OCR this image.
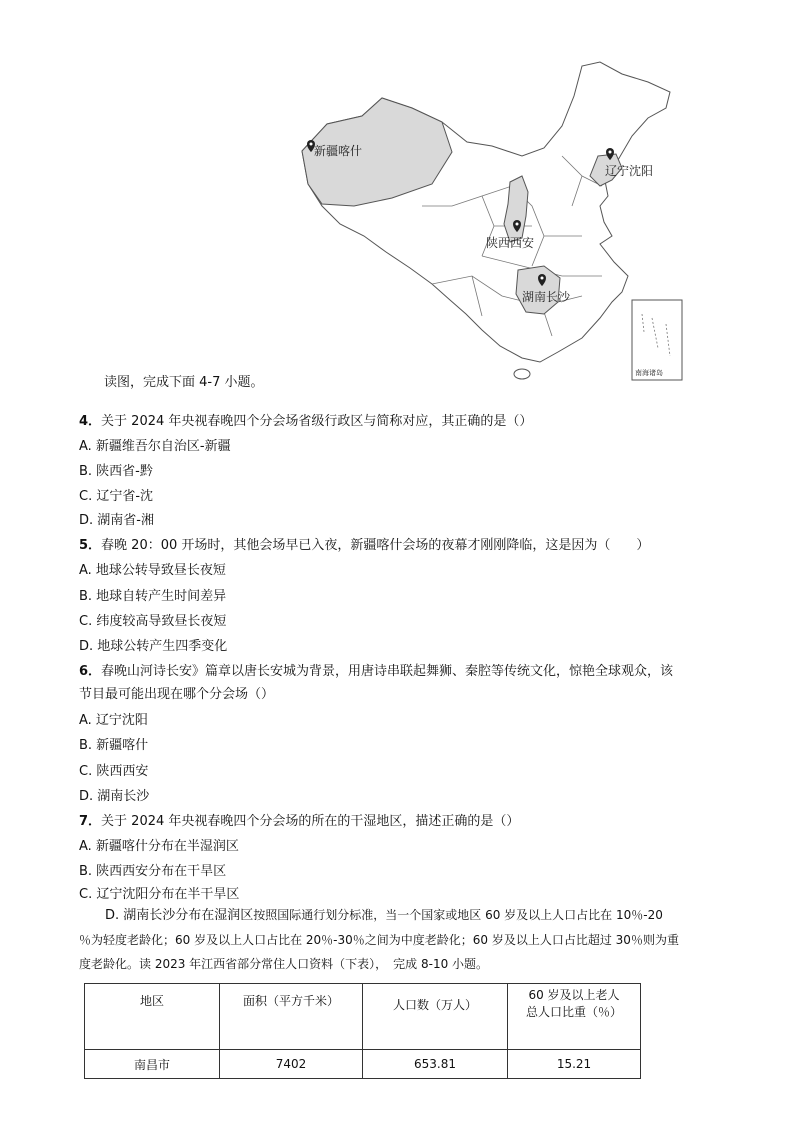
新疆喀什
辽宁沈阳
陕西西安
湖南长沙
南海诸岛
读图，完成下面 4-7 小题。
4．关于 2024 年央视春晚四个分会场省级行政区与简称对应，其正确的是（）
A. 新疆维吾尔自治区-新疆
B. 陕西省-黔
C. 辽宁省-沈
D. 湖南省-湘
5．春晚 20：00 开场时，其他会场早已入夜，新疆喀什会场的夜幕才刚刚降临，这是因为（　　）
A. 地球公转导致昼长夜短
B. 地球自转产生时间差异
C. 纬度较高导致昼长夜短
D. 地球公转产生四季变化
6．春晚山河诗长安》篇章以唐长安城为背景，用唐诗串联起舞狮、秦腔等传统文化，惊艳全球观众，该
节目最可能出现在哪个分会场（）
A. 辽宁沈阳
B. 新疆喀什
C. 陕西西安
D. 湖南长沙
7．关于 2024 年央视春晚四个分会场的所在的干湿地区，描述正确的是（）
A. 新疆喀什分布在半湿润区
B. 陕西西安分布在干旱区
C. 辽宁沈阳分布在半干旱区
D. 湖南长沙分布在湿润区按照国际通行划分标准，当一个国家或地区 60 岁及以上人口占比在 10％-20
％为轻度老龄化；60 岁及以上人口占比在 20％-30％之间为中度老龄化；60 岁及以上人口占比超过 30％则为重
度老龄化。读 2023 年江西省部分常住人口资料（下表），　完成 8-10 小题。
地区	面积（平方千米）	人口数（万人）	60 岁及以上老人
总人口比重（％）

南昌市	7402	653.81	15.21
